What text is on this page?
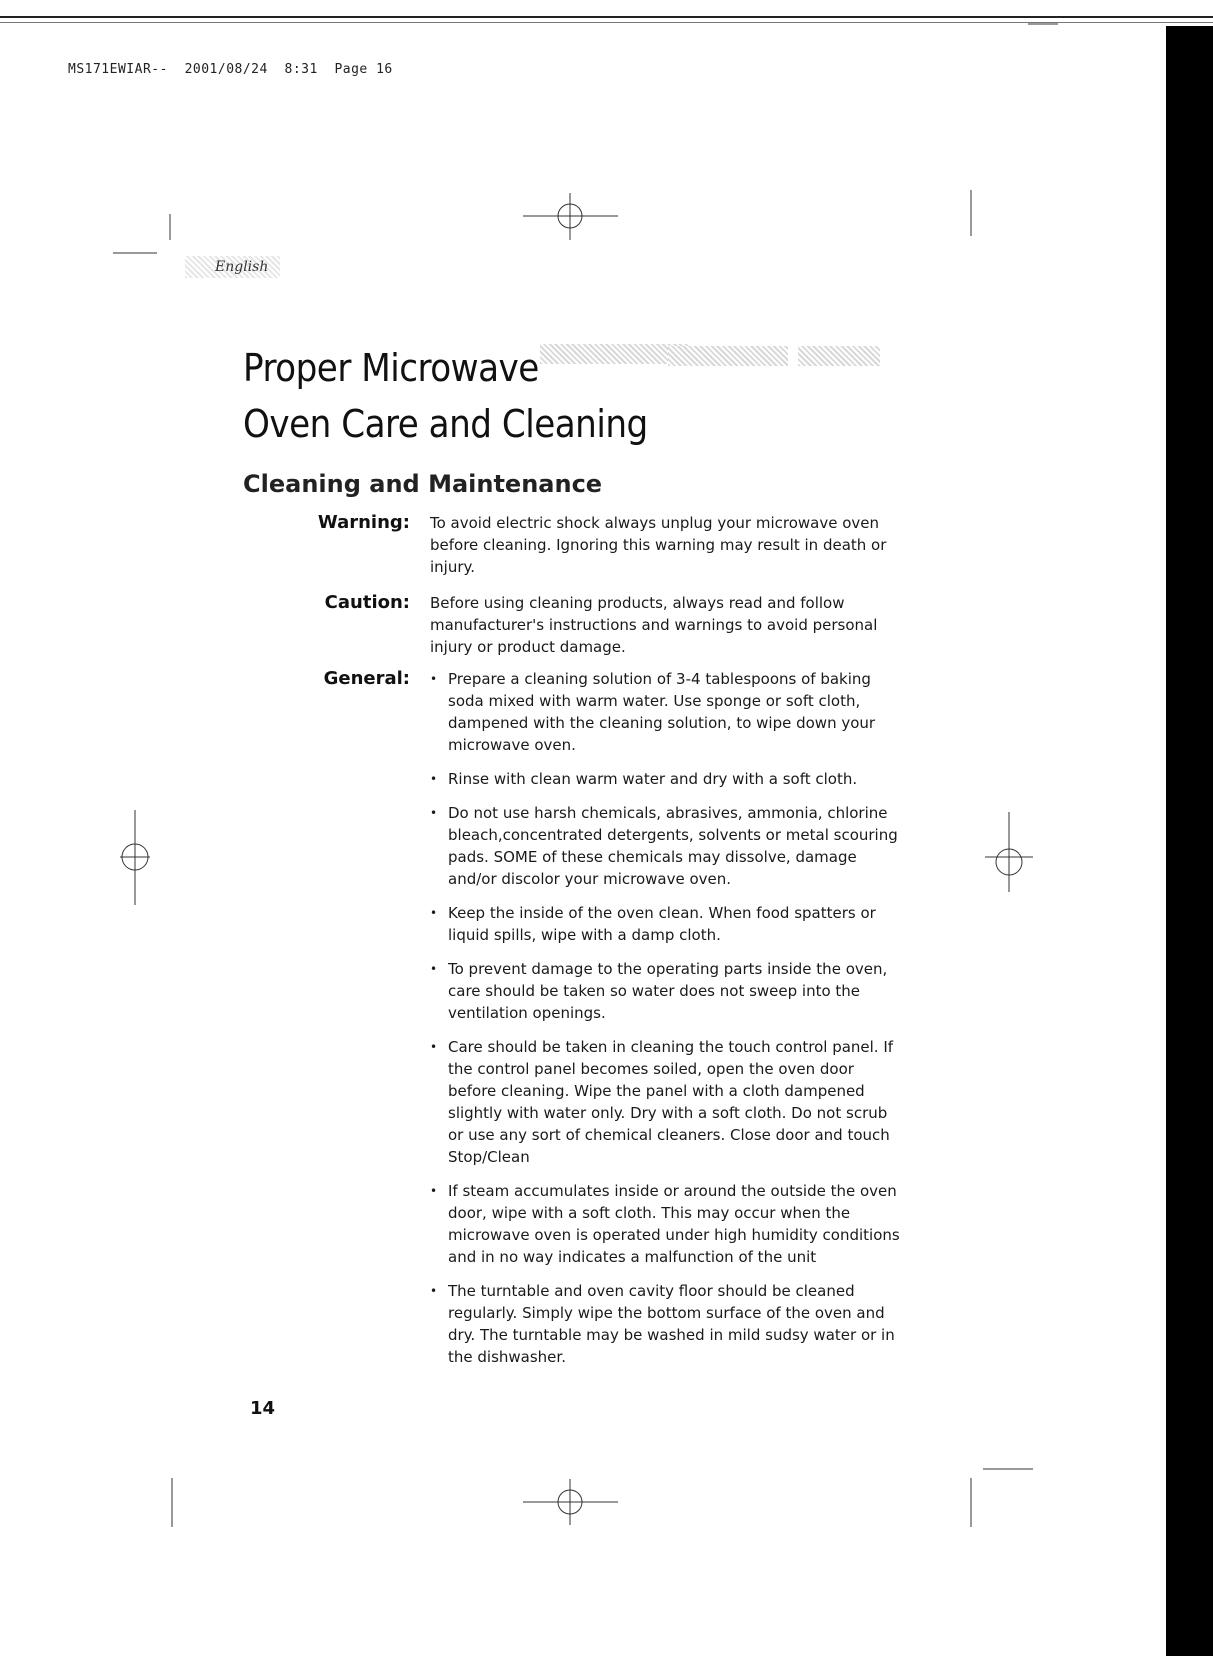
MS171EWIAR--  2001/08/24  8:31  Page 16
English
Proper Microwave
Oven Care and Cleaning
Cleaning and Maintenance
Warning: To avoid electric shock always unplug your microwave oven before cleaning. Ignoring this warning may result in death or injury.
Caution: Before using cleaning products, always read and follow manufacturer's instructions and warnings to avoid personal injury or product damage.
General: • Prepare a cleaning solution of 3-4 tablespoons of baking soda mixed with warm water. Use sponge or soft cloth, dampened with the cleaning solution, to wipe down your microwave oven.
• Rinse with clean warm water and dry with a soft cloth.
• Do not use harsh chemicals, abrasives, ammonia, chlorine bleach,concentrated detergents, solvents or metal scouring pads. SOME of these chemicals may dissolve, damage and/or discolor your microwave oven.
• Keep the inside of the oven clean. When food spatters or liquid spills, wipe with a damp cloth.
• To prevent damage to the operating parts inside the oven, care should be taken so water does not sweep into the ventilation openings.
• Care should be taken in cleaning the touch control panel. If the control panel becomes soiled, open the oven door before cleaning. Wipe the panel with a cloth dampened slightly with water only. Dry with a soft cloth. Do not scrub or use any sort of chemical cleaners. Close door and touch Stop/Clean
• If steam accumulates inside or around the outside the oven door, wipe with a soft cloth. This may occur when the microwave oven is operated under high humidity conditions and in no way indicates a malfunction of the unit
• The turntable and oven cavity floor should be cleaned regularly. Simply wipe the bottom surface of the oven and dry. The turntable may be washed in mild sudsy water or in the dishwasher.
14
